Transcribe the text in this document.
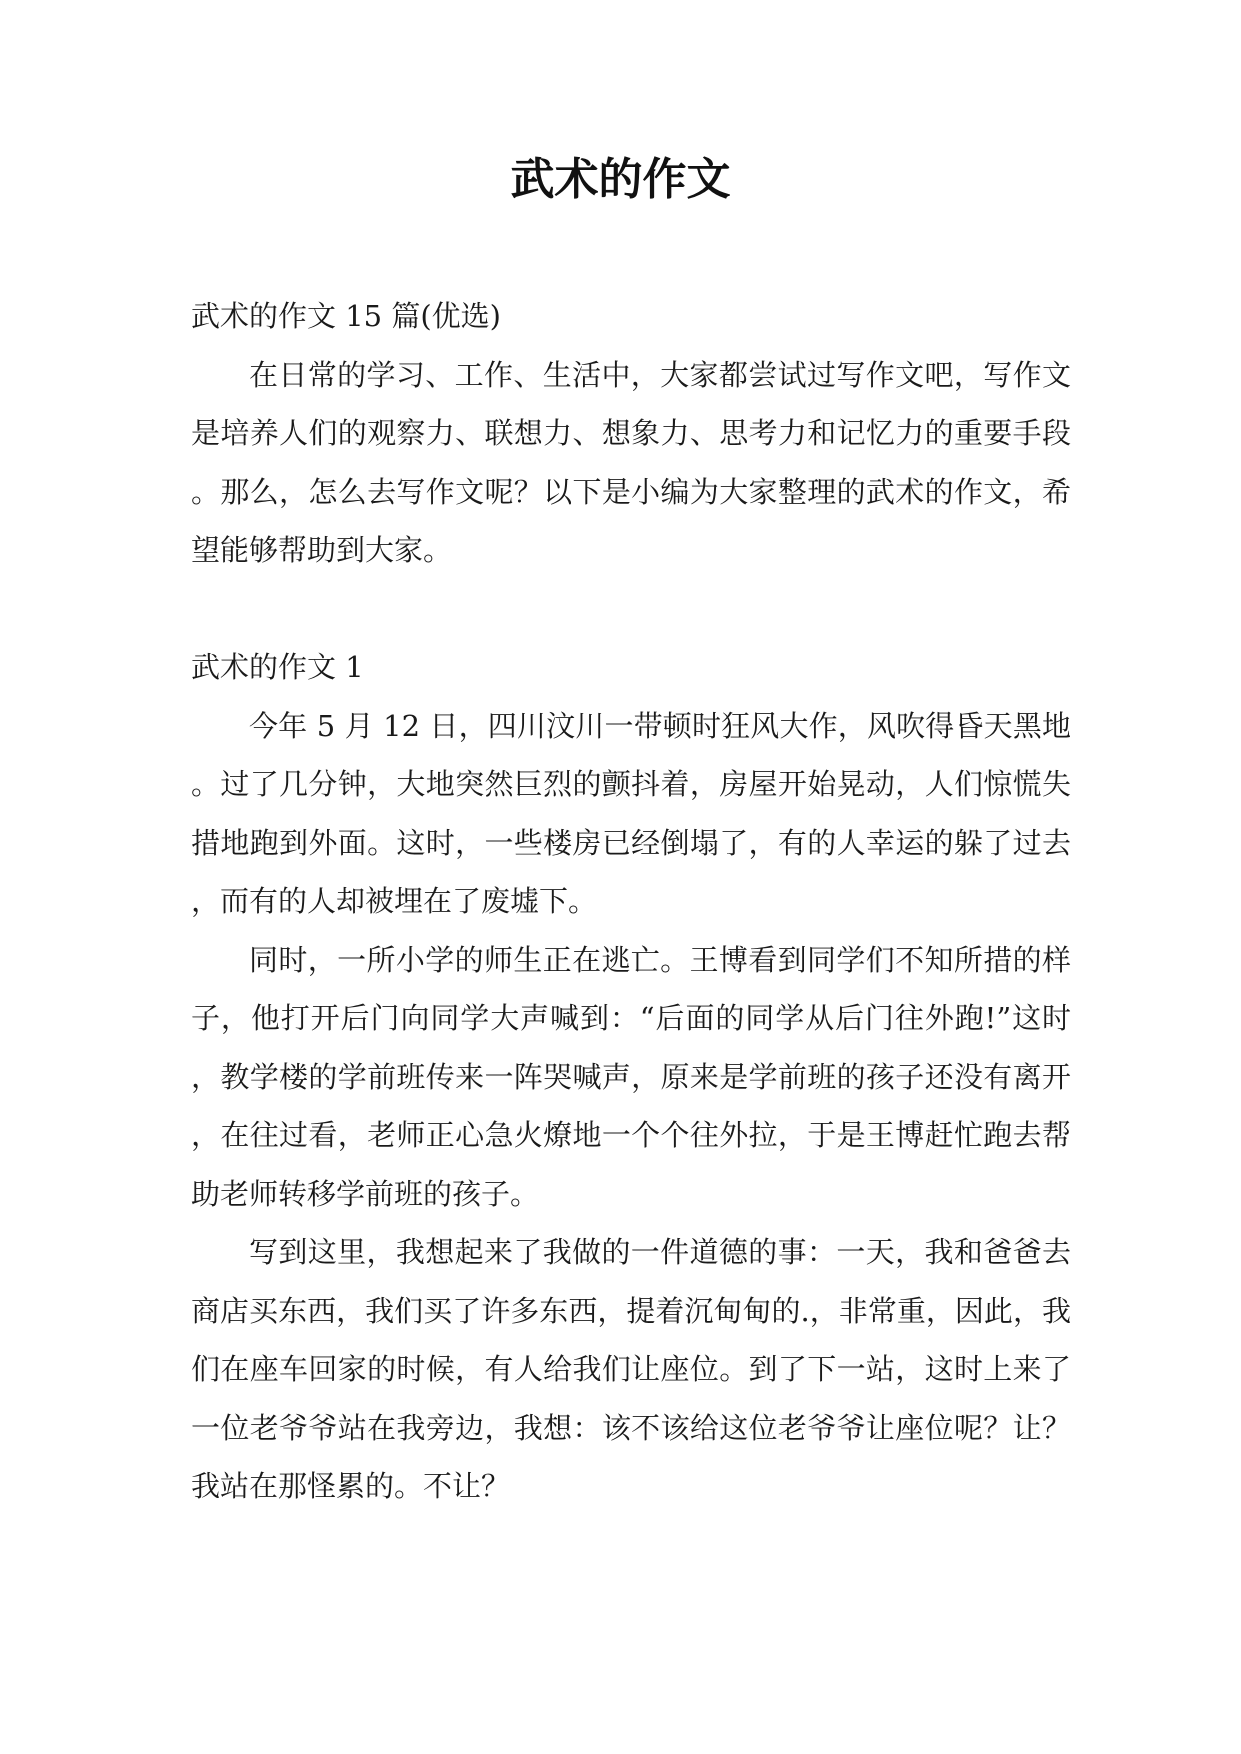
武术的作文

武术的作文 15 篇(优选)

在日常的学习、工作、生活中，大家都尝试过写作文吧，写作文是培养人们的观察力、联想力、想象力、思考力和记忆力的重要手段。那么，怎么去写作文呢？以下是小编为大家整理的武术的作文，希望能够帮助到大家。

武术的作文 1

今年 5 月 12 日，四川汶川一带顿时狂风大作，风吹得昏天黑地。过了几分钟，大地突然巨烈的颤抖着，房屋开始晃动，人们惊慌失措地跑到外面。这时，一些楼房已经倒塌了，有的人幸运的躲了过去，而有的人却被埋在了废墟下。

同时，一所小学的师生正在逃亡。王博看到同学们不知所措的样子，他打开后门向同学大声喊到：“后面的同学从后门往外跑!”这时，教学楼的学前班传来一阵哭喊声，原来是学前班的孩子还没有离开，在往过看，老师正心急火燎地一个个往外拉，于是王博赶忙跑去帮助老师转移学前班的孩子。

写到这里，我想起来了我做的一件道德的事：一天，我和爸爸去商店买东西，我们买了许多东西，提着沉甸甸的.，非常重，因此，我们在座车回家的时候，有人给我们让座位。到了下一站，这时上来了一位老爷爷站在我旁边，我想：该不该给这位老爷爷让座位呢？让？我站在那怪累的。不让？
